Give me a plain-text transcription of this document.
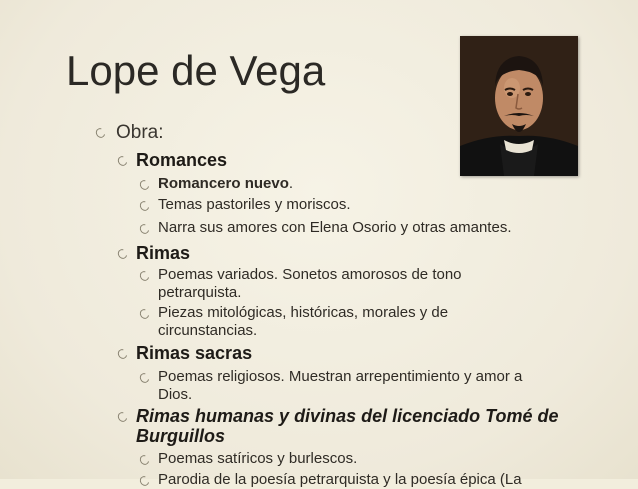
Lope de Vega
Obra:
Romances
Romancero nuevo.
Temas pastoriles y moriscos.
Narra sus amores con Elena Osorio y otras amantes.
Rimas
Poemas variados. Sonetos amorosos de tono
petrarquista.
Piezas mitológicas, históricas, morales y de
circunstancias.
Rimas sacras
Poemas religiosos. Muestran arrepentimiento y amor a
Dios.
Rimas humanas y divinas del licenciado Tomé de
Burguillos
Poemas satíricos y burlescos.
Parodia de la poesía petrarquista y la poesía épica (La
